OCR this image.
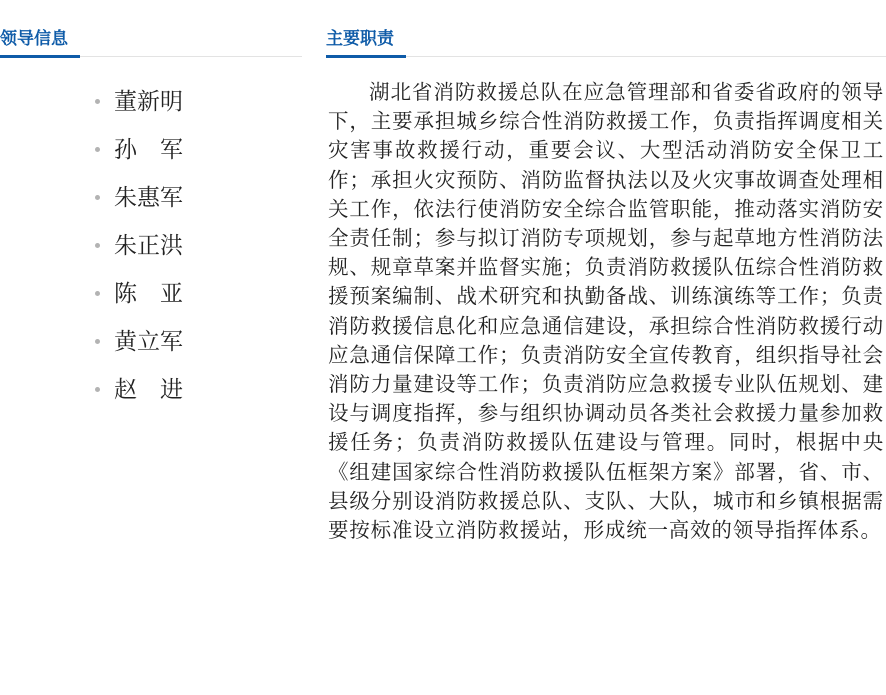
领导信息
董新明
孙　军
朱惠军
朱正洪
陈　亚
黄立军
赵　进
主要职责

湖北省消防救援总队在应急管理部和省委省政府的领导下，主要承担城乡综合性消防救援工作，负责指挥调度相关灾害事故救援行动，重要会议、大型活动消防安全保卫工作；承担火灾预防、消防监督执法以及火灾事故调查处理相关工作，依法行使消防安全综合监管职能，推动落实消防安全责任制；参与拟订消防专项规划，参与起草地方性消防法规、规章草案并监督实施；负责消防救援队伍综合性消防救援预案编制、战术研究和执勤备战、训练演练等工作；负责消防救援信息化和应急通信建设，承担综合性消防救援行动应急通信保障工作；负责消防安全宣传教育，组织指导社会消防力量建设等工作；负责消防应急救援专业队伍规划、建设与调度指挥，参与组织协调动员各类社会救援力量参加救援任务；负责消防救援队伍建设与管理。同时，根据中央《组建国家综合性消防救援队伍框架方案》部署，省、市、县级分别设消防救援总队、支队、大队，城市和乡镇根据需要按标准设立消防救援站，形成统一高效的领导指挥体系。
